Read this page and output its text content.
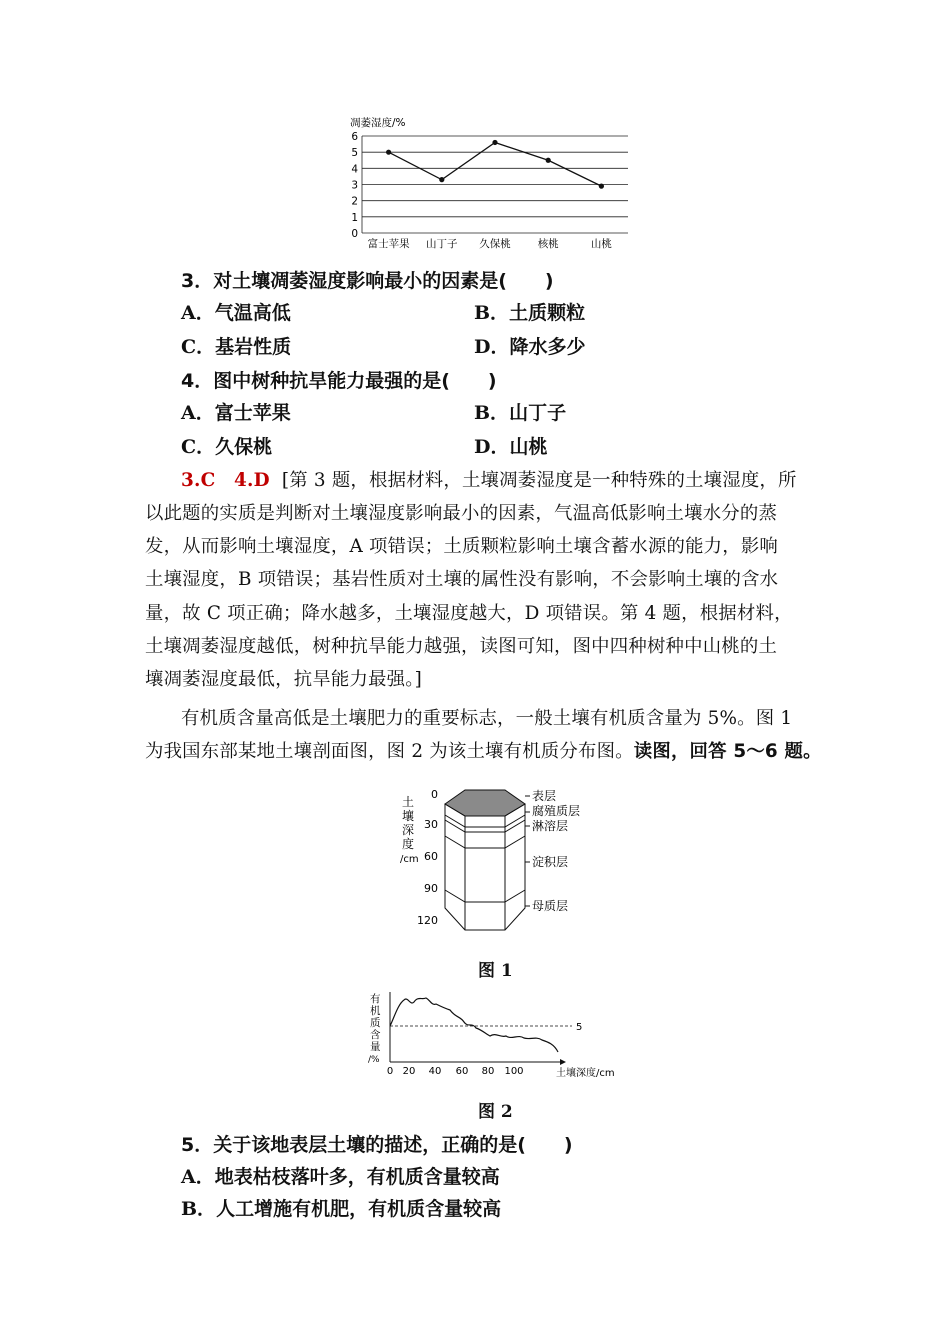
凋萎湿度/%
0
1
2
3
4
5
6
富士苹果 山丁子 久保桃	核桃	山桃
3．对土壤凋萎湿度影响最小的因素是(　　)
A．气温高低	B．土质颗粒
C．基岩性质	D．降水多少
4．图中树种抗旱能力最强的是(　　)
A．富士苹果	B．山丁子
C．久保桃	D．山桃
3.C　4.D [第 3 题，根据材料，土壤凋萎湿度是一种特殊的土壤湿度，所
以此题的实质是判断对土壤湿度影响最小的因素，气温高低影响土壤水分的蒸
发，从而影响土壤湿度，A 项错误；土质颗粒影响土壤含蓄水源的能力，影响
土壤湿度，B 项错误；基岩性质对土壤的属性没有影响，不会影响土壤的含水
量，故 C 项正确；降水越多，土壤湿度越大，D 项错误。第 4 题，根据材料，
土壤凋萎湿度越低，树种抗旱能力越强，读图可知，图中四种树种中山桃的土
壤凋萎湿度最低，抗旱能力最强。]
有机质含量高低是土壤肥力的重要标志，一般土壤有机质含量为 5%。图 1
为我国东部某地土壤剖面图，图 2 为该土壤有机质分布图。读图，回答 5～6 题。
土
壤
深
度
/cm
0
30
60
90
120
表层
腐殖质层
淋溶层
淀积层
母质层
图 1
有
机
质
含
量
/%
5
0 20 40 60 80 100	土壤深度/cm
图 2
5．关于该地表层土壤的描述，正确的是(　　)
A．地表枯枝落叶多，有机质含量较高
B．人工增施有机肥，有机质含量较高
